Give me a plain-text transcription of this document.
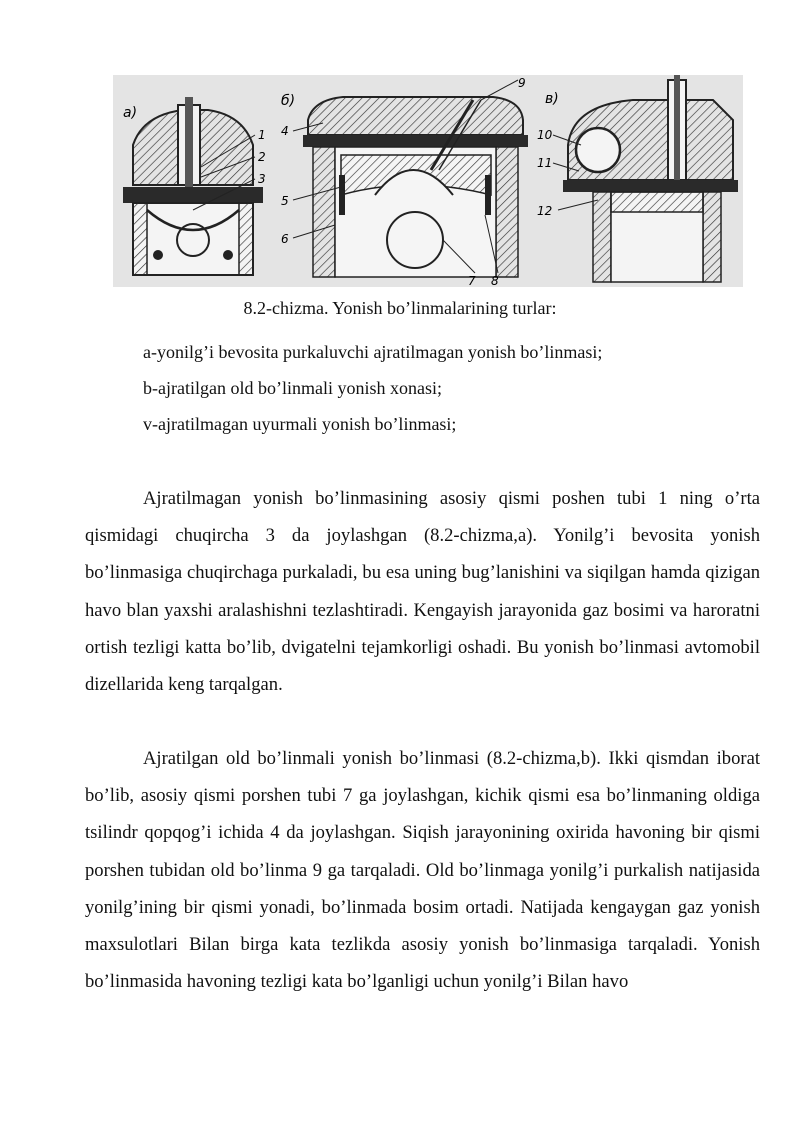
a)
1
2
3
б)
4
5
6
7 8
9
в)
10
11
12
8.2-chizma. Yonish bo’linmalarining turlar:
a-yonilg’i bevosita purkaluvchi ajratilmagan yonish bo’linmasi;
b-ajratilgan old bo’linmali yonish xonasi;
v-ajratilmagan uyurmali yonish bo’linmasi;

Ajratilmagan yonish bo’linmasining asosiy qismi poshen tubi 1 ning o’rta qismidagi chuqircha 3 da joylashgan (8.2-chizma,a). Yonilg’i bevosita yonish bo’linmasiga chuqirchaga purkaladi, bu esa uning bug’lanishini va siqilgan hamda qizigan havo blan yaxshi aralashishni tezlashtiradi. Kengayish jarayonida gaz bosimi va haroratni ortish tezligi katta bo’lib, dvigatelni tejamkorligi oshadi. Bu yonish bo’linmasi avtomobil dizellarida keng tarqalgan.

Ajratilgan old bo’linmali yonish bo’linmasi (8.2-chizma,b). Ikki qismdan iborat bo’lib, asosiy qismi porshen tubi 7 ga joylashgan, kichik qismi esa bo’linmaning oldiga tsilindr qopqog’i ichida 4 da joylashgan. Siqish jarayonining oxirida havoning bir qismi porshen tubidan old bo’linma 9 ga tarqaladi. Old bo’linmaga yonilg’i purkalish natijasida yonilg’ining bir qismi yonadi, bo’linmada bosim ortadi. Natijada kengaygan gaz yonish maxsulotlari Bilan birga kata tezlikda asosiy yonish bo’linmasiga tarqaladi. Yonish bo’linmasida havoning tezligi kata bo’lganligi uchun yonilg’i Bilan havo
